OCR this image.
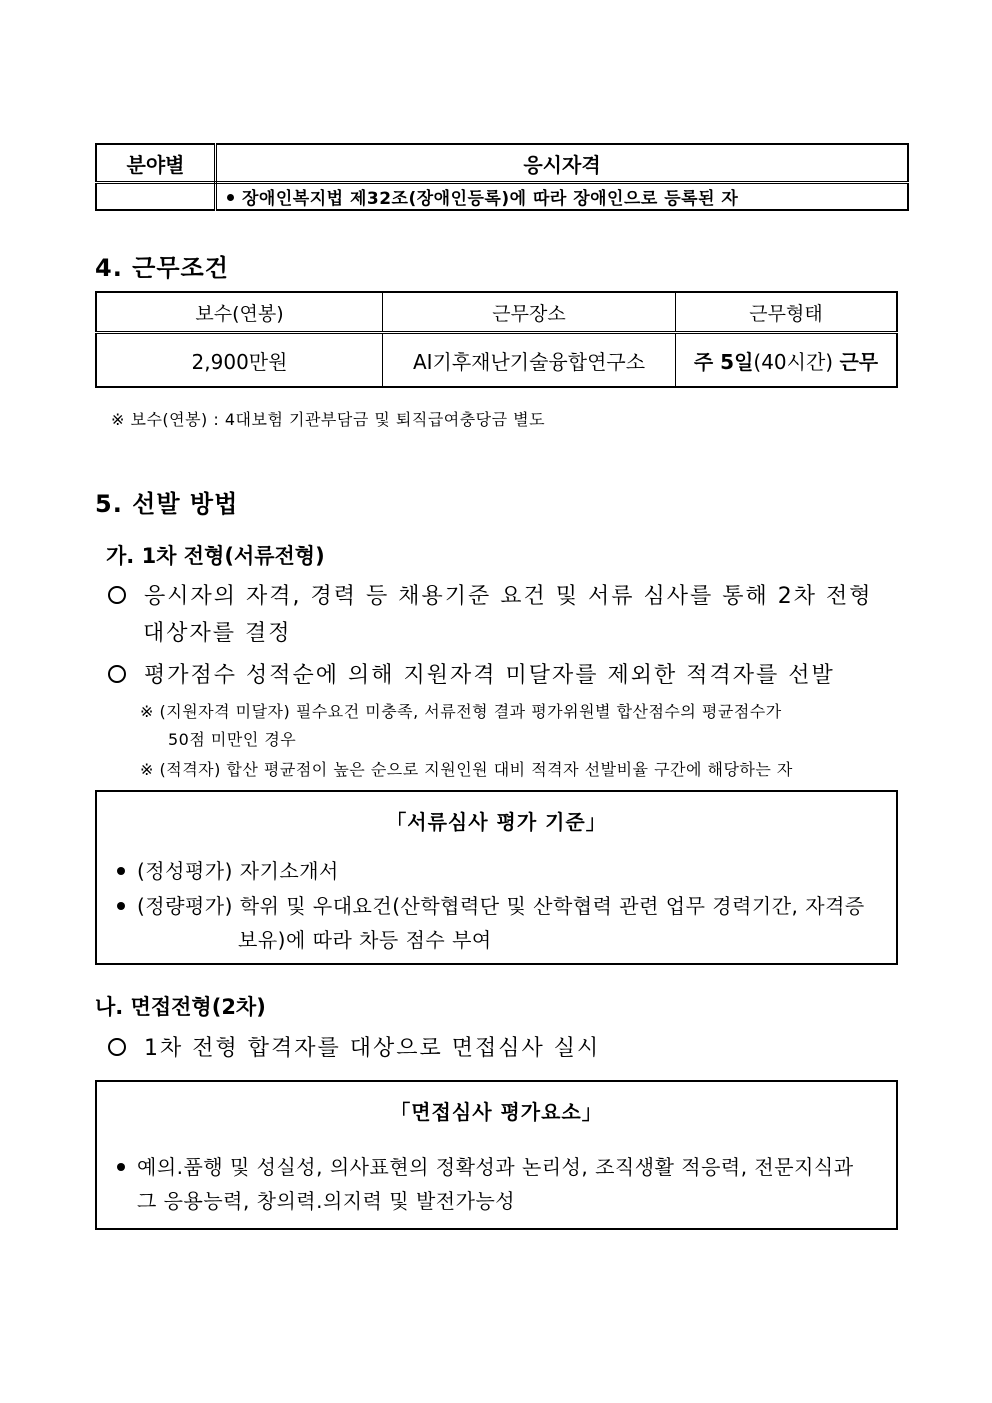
분야별	응시자격
	장애인복지법 제32조(장애인등록)에 따라 장애인으로 등록된 자
4. 근무조건
보수(연봉)	근무장소	근무형태
2,900만원	AI기후재난기술융합연구소	주 5일(40시간) 근무
※ 보수(연봉) : 4대보험 기관부담금 및 퇴직급여충당금 별도
5. 선발 방법
가. 1차 전형(서류전형)
응시자의 자격, 경력 등 채용기준 요건 및 서류 심사를 통해 2차 전형
대상자를 결정
평가점수 성적순에 의해 지원자격 미달자를 제외한 적격자를 선발
※ (지원자격 미달자) 필수요건 미충족, 서류전형 결과 평가위원별 합산점수의 평균점수가
50점 미만인 경우
※ (적격자) 합산 평균점이 높은 순으로 지원인원 대비 적격자 선발비율 구간에 해당하는 자
「서류심사 평가 기준」
(정성평가) 자기소개서
(정량평가) 학위 및 우대요건(산학협력단 및 산학협력 관련 업무 경력기간, 자격증
보유)에 따라 차등 점수 부여
나. 면접전형(2차)
1차 전형 합격자를 대상으로 면접심사 실시
「면접심사 평가요소」
예의.품행 및 성실성, 의사표현의 정확성과 논리성, 조직생활 적응력, 전문지식과
그 응용능력, 창의력.의지력 및 발전가능성
